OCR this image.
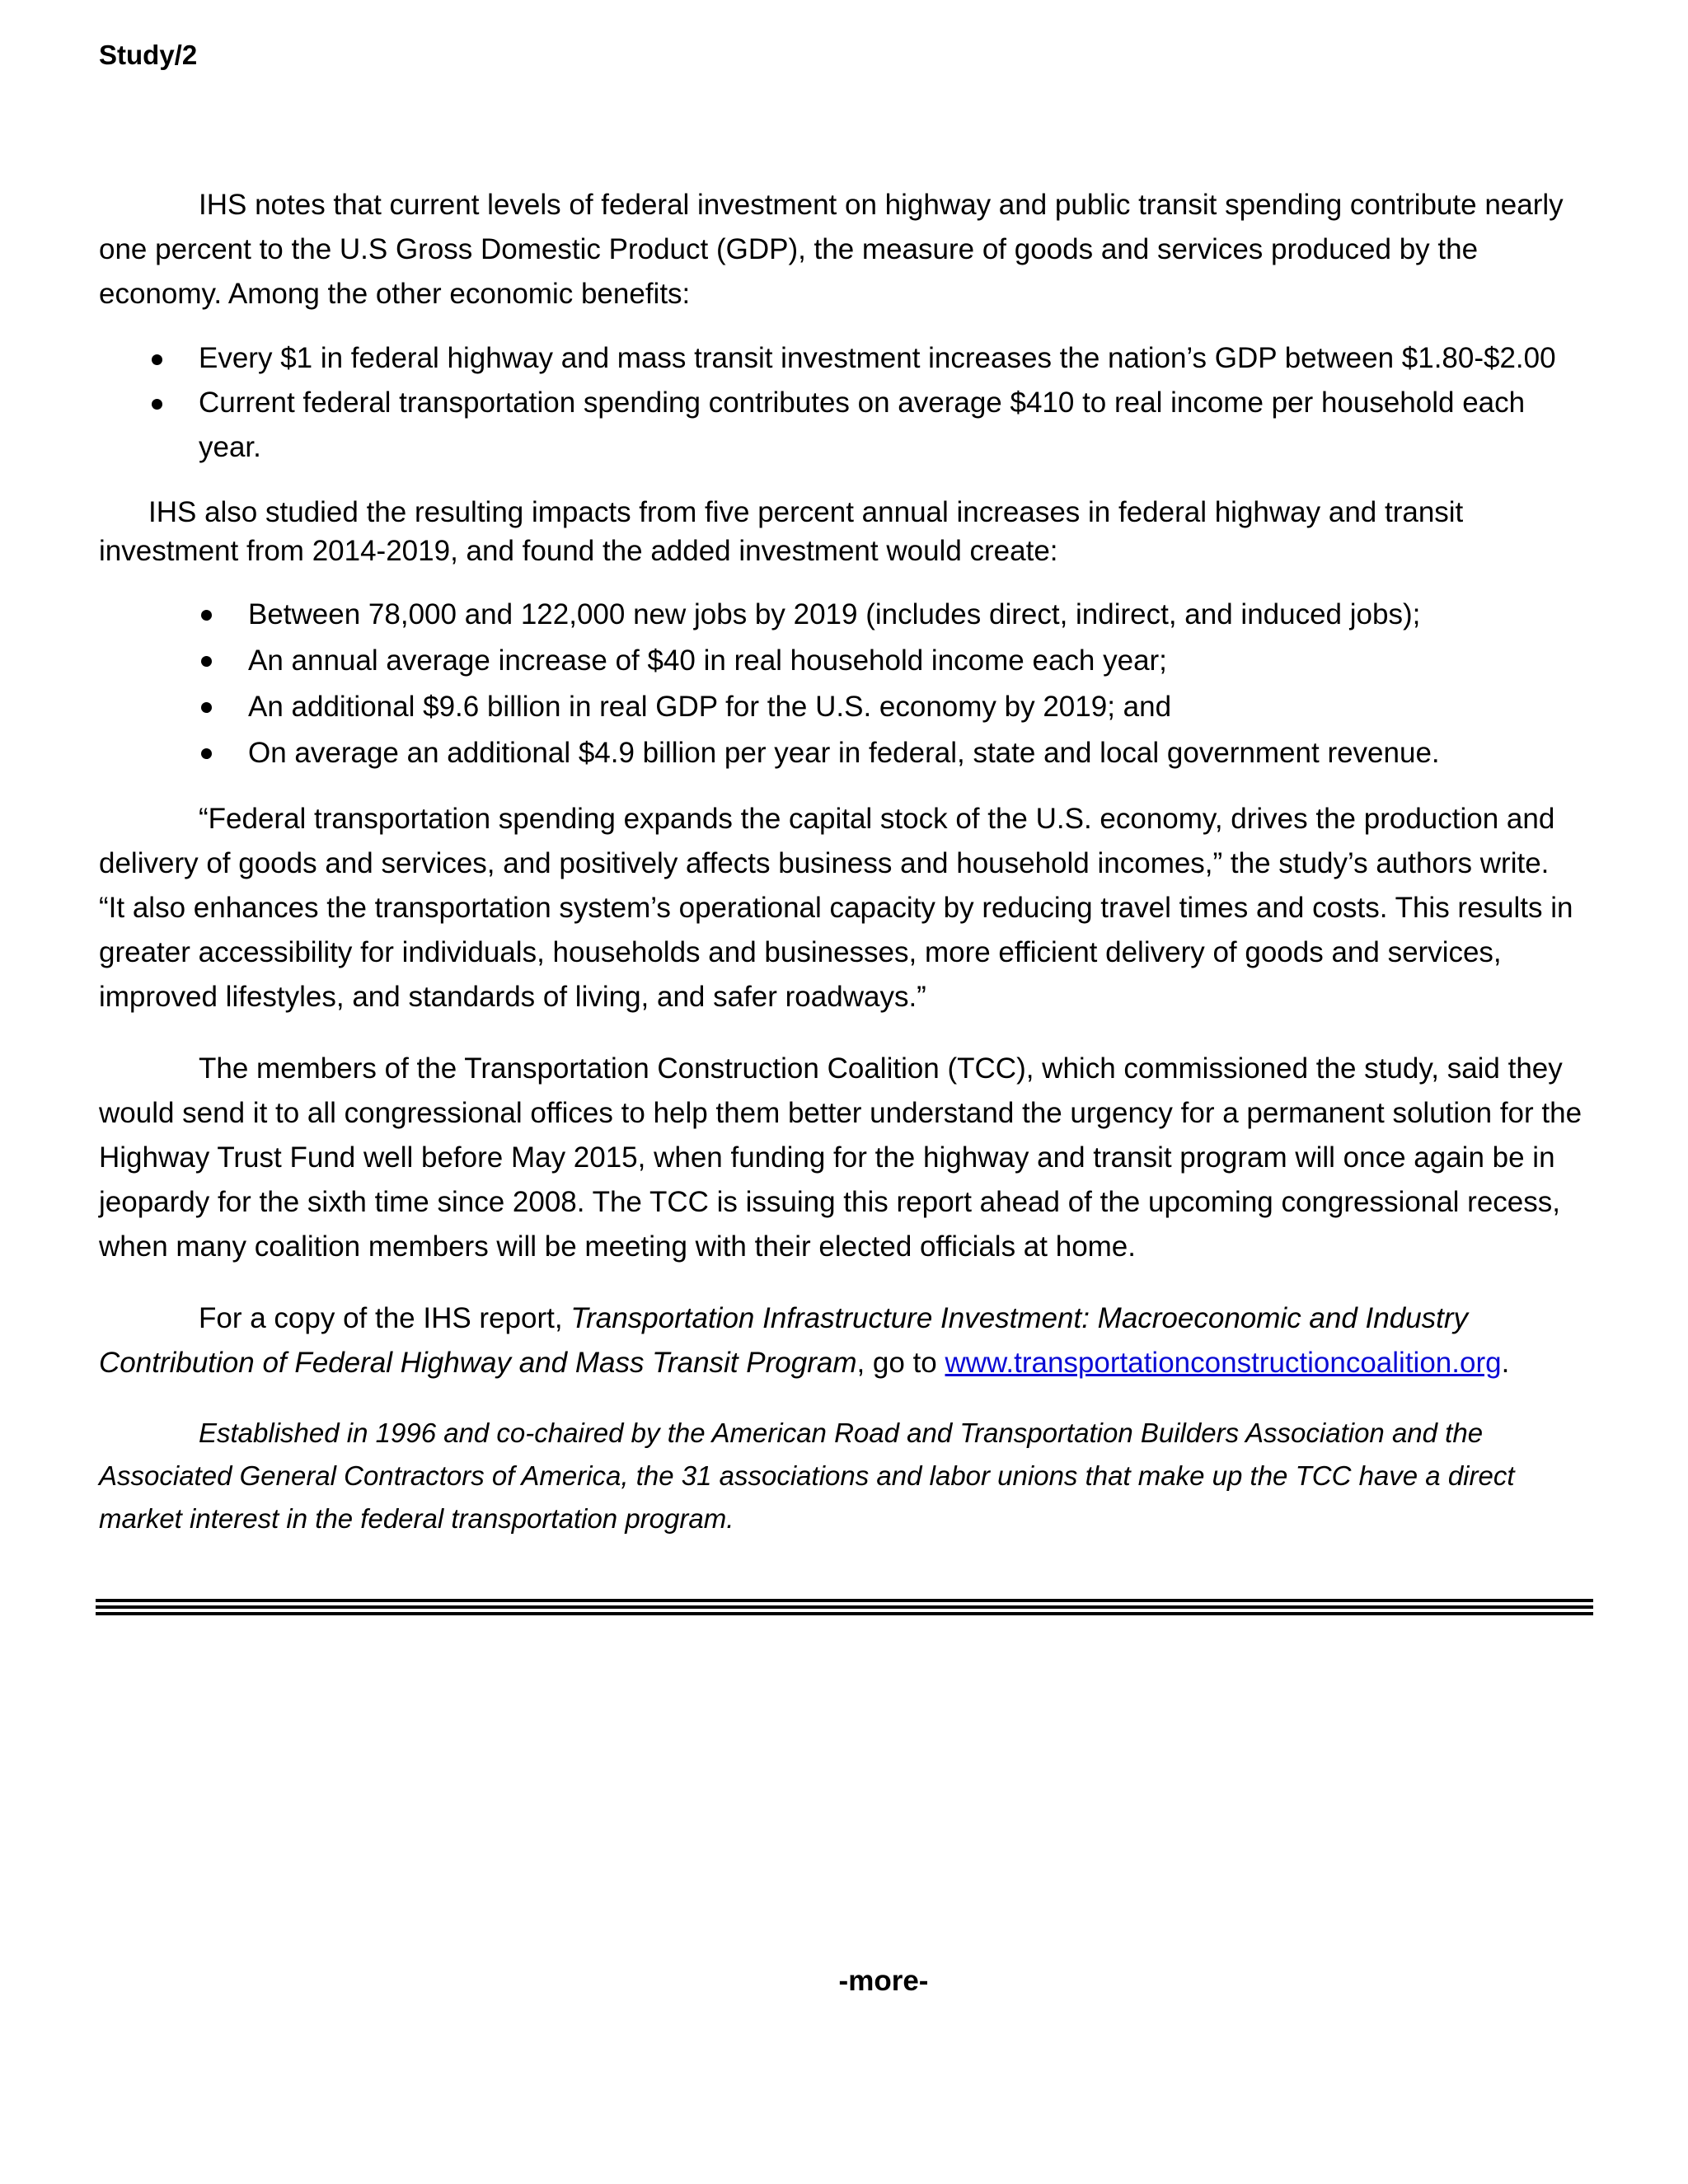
Study/2

IHS notes that current levels of federal investment on highway and public transit spending contribute nearly one percent to the U.S Gross Domestic Product (GDP), the measure of goods and services produced by the economy. Among the other economic benefits:

Every $1 in federal highway and mass transit investment increases the nation’s GDP between $1.80-$2.00
Current federal transportation spending contributes on average $410 to real income per household each year.

IHS also studied the resulting impacts from five percent annual increases in federal highway and transit investment from 2014-2019, and found the added investment would create:

Between 78,000 and 122,000 new jobs by 2019 (includes direct, indirect, and induced jobs);
An annual average increase of $40 in real household income each year;
An additional $9.6 billion in real GDP for the U.S. economy by 2019; and
On average an additional $4.9 billion per year in federal, state and local government revenue.

“Federal transportation spending expands the capital stock of the U.S. economy, drives the production and delivery of goods and services, and positively affects business and household incomes,” the study’s authors write. “It also enhances the transportation system’s operational capacity by reducing travel times and costs. This results in greater accessibility for individuals, households and businesses, more efficient delivery of goods and services, improved lifestyles, and standards of living, and safer roadways.”

The members of the Transportation Construction Coalition (TCC), which commissioned the study, said they would send it to all congressional offices to help them better understand the urgency for a permanent solution for the Highway Trust Fund well before May 2015, when funding for the highway and transit program will once again be in jeopardy for the sixth time since 2008. The TCC is issuing this report ahead of the upcoming congressional recess, when many coalition members will be meeting with their elected officials at home.

For a copy of the IHS report, Transportation Infrastructure Investment: Macroeconomic and Industry Contribution of Federal Highway and Mass Transit Program, go to www.transportationconstructioncoalition.org.

Established in 1996 and co-chaired by the American Road and Transportation Builders Association and the Associated General Contractors of America, the 31 associations and labor unions that make up the TCC have a direct market interest in the federal transportation program.

-more-
